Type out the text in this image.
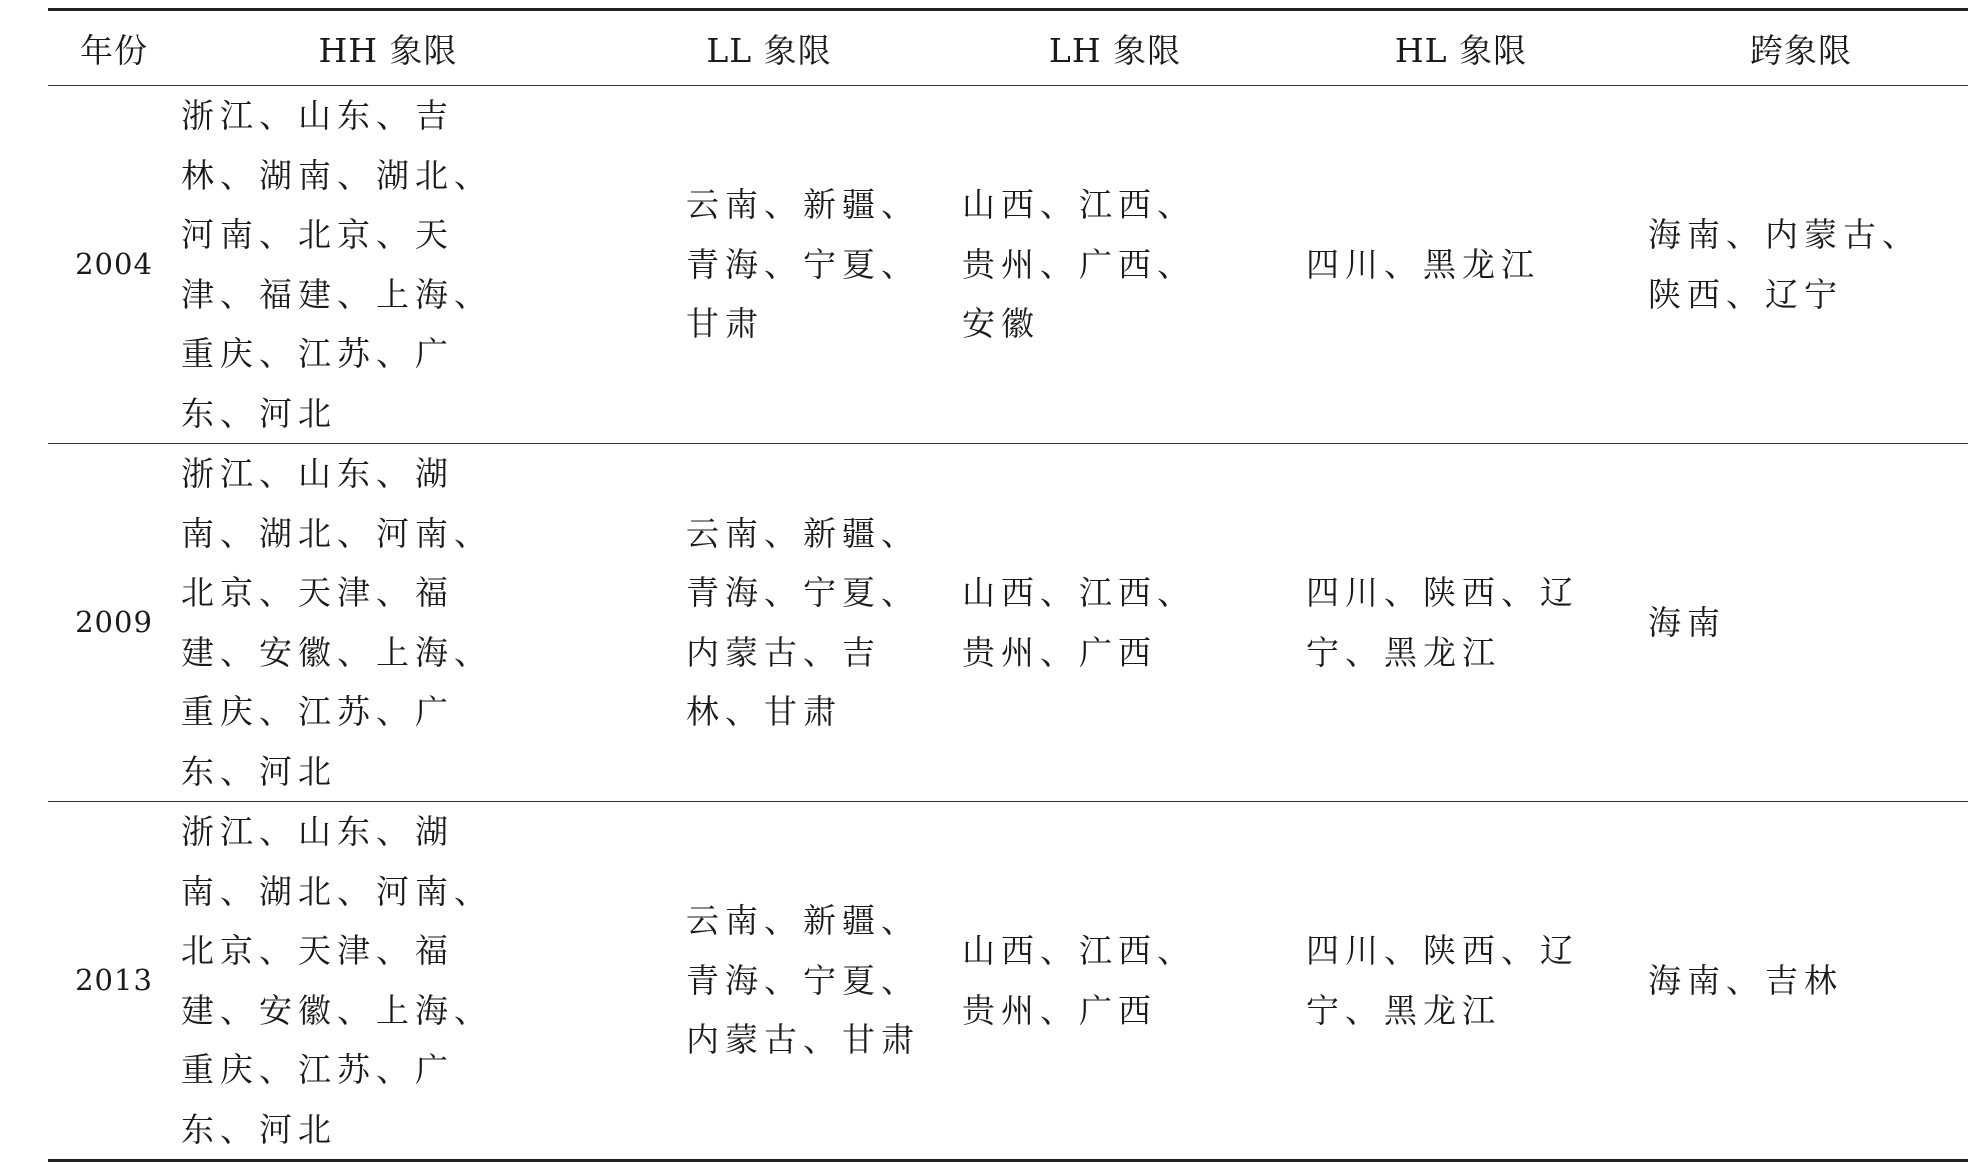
年份	HH 象限	LL 象限	LH 象限	HL 象限	跨象限
2004	浙江、山东、吉林、湖南、湖北、河南、北京、天津、福建、上海、重庆、江苏、广东、河北	云南、新疆、青海、宁夏、甘肃	山西、江西、贵州、广西、安徽	四川、黑龙江	海南、内蒙古、陕西、辽宁

2009	浙江、山东、湖南、湖北、河南、北京、天津、福建、安徽、上海、重庆、江苏、广东、河北	云南、新疆、青海、宁夏、内蒙古、吉林、甘肃	山西、江西、贵州、广西	四川、陕西、辽宁、黑龙江	海南

2013	浙江、山东、湖南、湖北、河南、北京、天津、福建、安徽、上海、重庆、江苏、广东、河北	云南、新疆、青海、宁夏、内蒙古、甘肃	山西、江西、贵州、广西	四川、陕西、辽宁、黑龙江	海南、吉林
